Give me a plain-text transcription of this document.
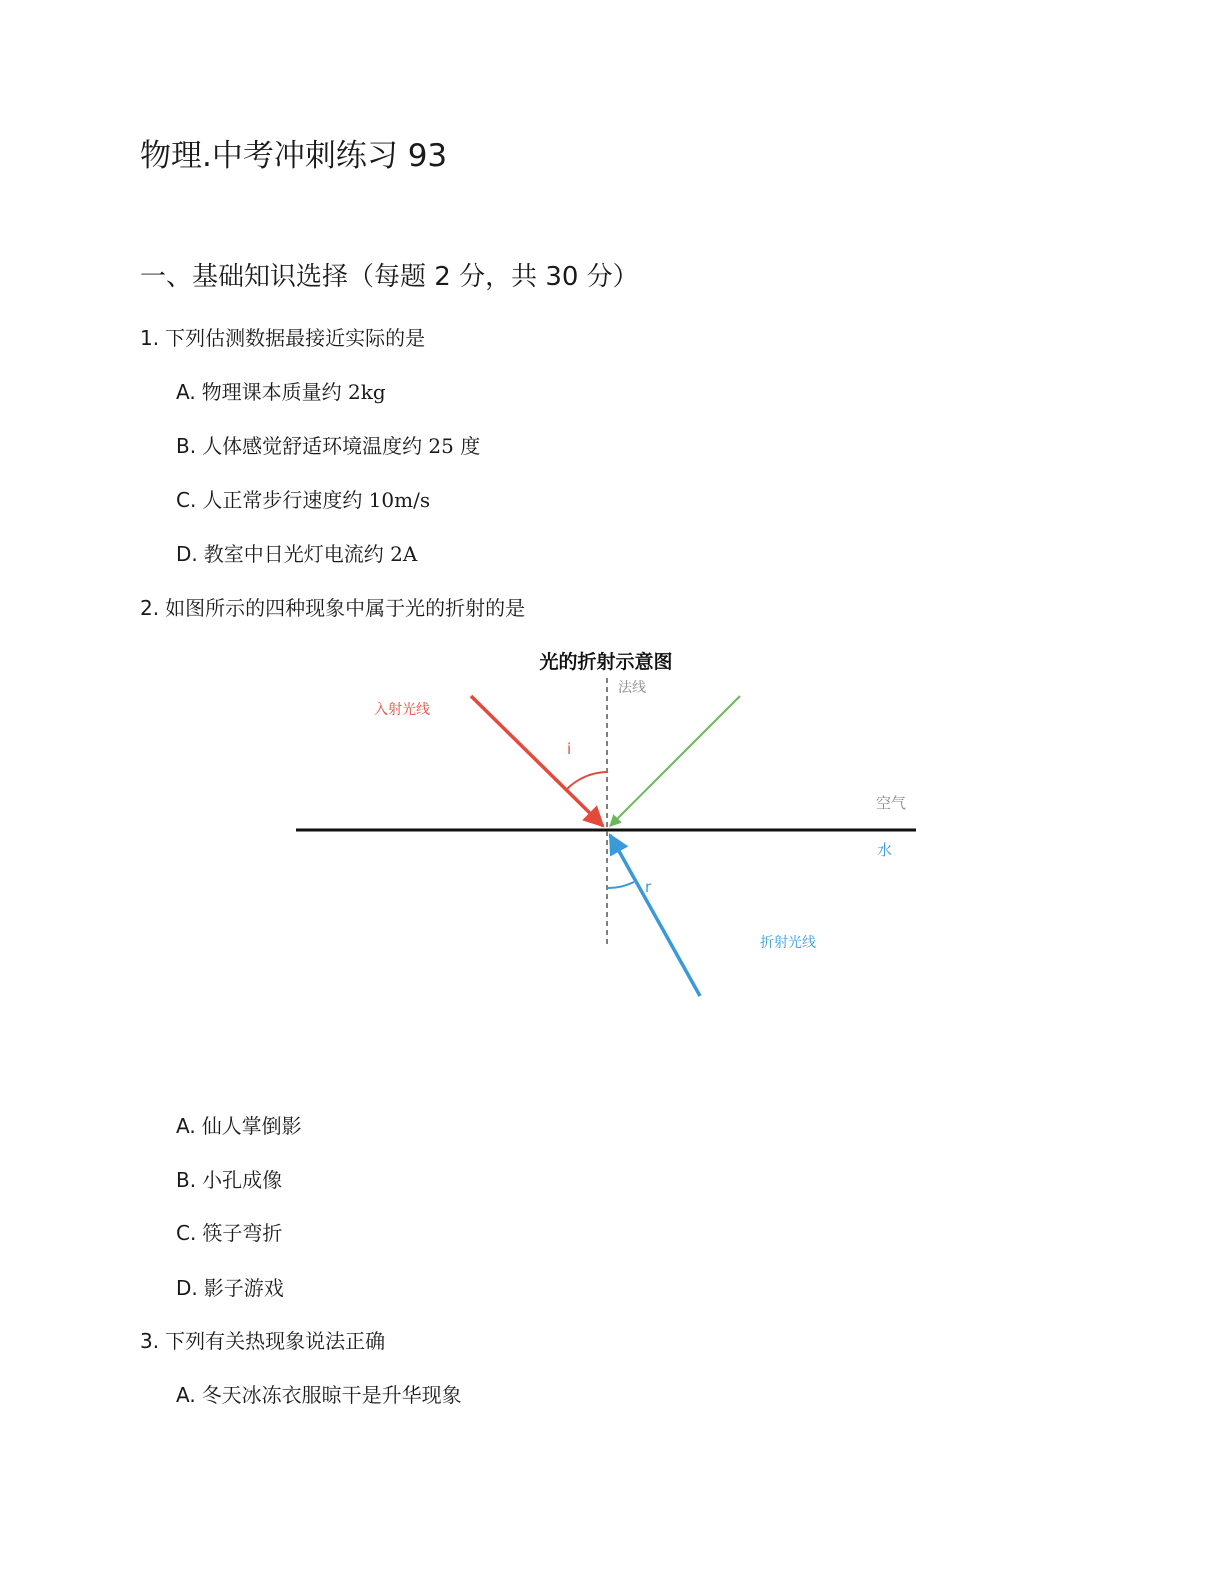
物理.中考冲刺练习 93
一、基础知识选择（每题 2 分，共 30 分）
1. 下列估测数据最接近实际的是
A. 物理课本质量约 2kg
B. 人体感觉舒适环境温度约 25 度
C. 人正常步行速度约 10m/s
D. 教室中日光灯电流约 2A
2. 如图所示的四种现象中属于光的折射的是
光的折射示意图
法线
入射光线
i
空气
水
r
折射光线
A. 仙人掌倒影
B. 小孔成像
C. 筷子弯折
D. 影子游戏
3. 下列有关热现象说法正确
A. 冬天冰冻衣服晾干是升华现象
